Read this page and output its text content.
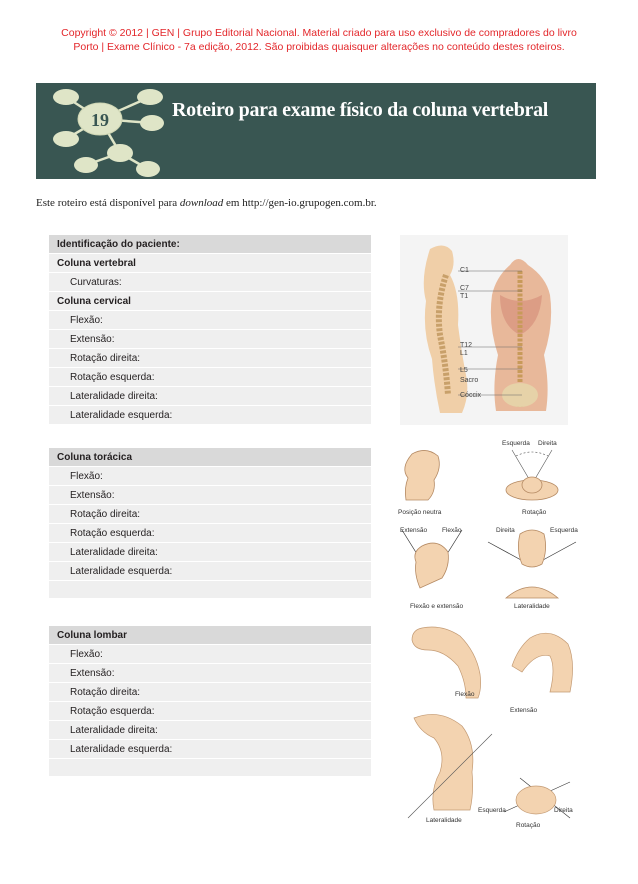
Copyright © 2012 | GEN | Grupo Editorial Nacional. Material criado para uso exclusivo de compradores do livro
Porto | Exame Clínico - 7a edição, 2012. São proibidas quaisquer alterações no conteúdo destes roteiros.
19	Roteiro para exame físico da coluna vertebral
Este roteiro está disponível para download em http://gen-io.grupogen.com.br.
Identificação do paciente:
Coluna vertebral
Curvaturas:
Coluna cervical
Flexão:
Extensão:
Rotação direita:
Rotação esquerda:
Lateralidade direita:
Lateralidade esquerda:
Coluna torácica
Flexão:
Extensão:
Rotação direita:
Rotação esquerda:
Lateralidade direita:
Lateralidade esquerda:
Coluna lombar
Flexão:
Extensão:
Rotação direita:
Rotação esquerda:
Lateralidade direita:
Lateralidade esquerda:
C1
C7
T1
T12
L1
L5
Sacro
Cóccix
Esquerda Direita
Posição neutra	Rotação
Extensão Flexão	Direita	Esquerda
Flexão e extensão	Lateralidade
Flexão
Extensão
Esquerda	Direita
Lateralidade
Rotação
